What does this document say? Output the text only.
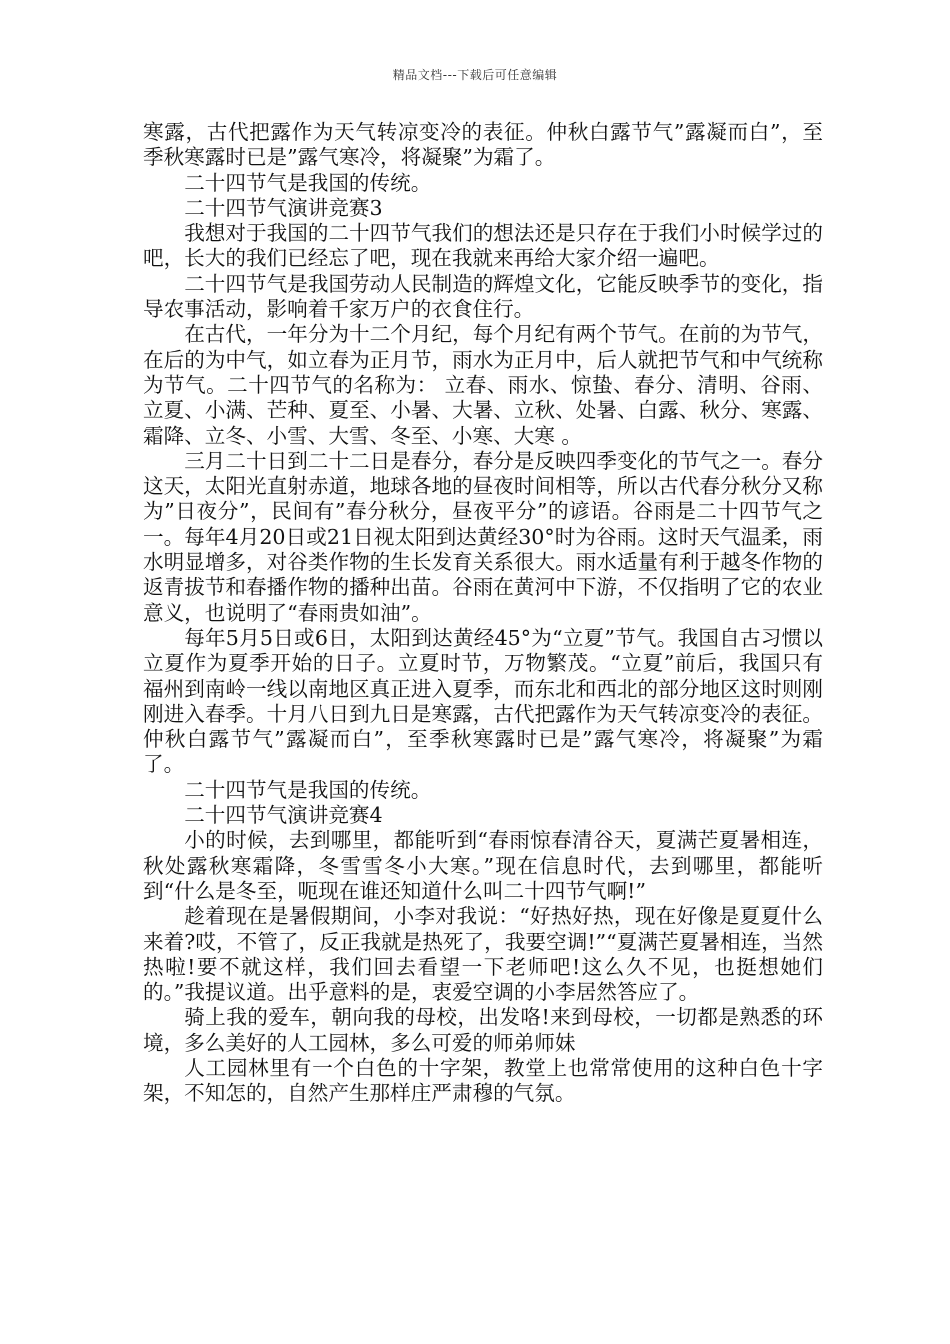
精品文档---下载后可任意编辑

寒露，古代把露作为天气转凉变冷的表征。仲秋白露节气”露凝而白”，至季秋寒露时已是”露气寒冷，将凝聚”为霜了。

二十四节气是我国的传统。

二十四节气演讲竞赛3

我想对于我国的二十四节气我们的想法还是只存在于我们小时候学过的吧，长大的我们已经忘了吧，现在我就来再给大家介绍一遍吧。

二十四节气是我国劳动人民制造的辉煌文化，它能反映季节的变化，指导农事活动，影响着千家万户的衣食住行。

在古代，一年分为十二个月纪，每个月纪有两个节气。在前的为节气，在后的为中气，如立春为正月节，雨水为正月中，后人就把节气和中气统称为节气。二十四节气的名称为： 立春、雨水、惊蛰、春分、清明、谷雨、立夏、小满、芒种、夏至、小暑、大暑、立秋、处暑、白露、秋分、寒露、霜降、立冬、小雪、大雪、冬至、小寒、大寒 。

三月二十日到二十二日是春分，春分是反映四季变化的节气之一。春分这天，太阳光直射赤道，地球各地的昼夜时间相等，所以古代春分秋分又称为”日夜分”，民间有”春分秋分，昼夜平分”的谚语。谷雨是二十四节气之一。每年4月20日或21日视太阳到达黄经30°时为谷雨。这时天气温柔，雨水明显增多，对谷类作物的生长发育关系很大。雨水适量有利于越冬作物的返青拔节和春播作物的播种出苗。谷雨在黄河中下游，不仅指明了它的农业意义，也说明了“春雨贵如油”。

每年5月5日或6日，太阳到达黄经45°为“立夏”节气。我国自古习惯以立夏作为夏季开始的日子。立夏时节，万物繁茂。“立夏”前后，我国只有福州到南岭一线以南地区真正进入夏季，而东北和西北的部分地区这时则刚刚进入春季。十月八日到九日是寒露，古代把露作为天气转凉变冷的表征。仲秋白露节气”露凝而白”，至季秋寒露时已是”露气寒冷，将凝聚”为霜了。

二十四节气是我国的传统。

二十四节气演讲竞赛4

小的时候，去到哪里，都能听到“春雨惊春清谷天，夏满芒夏暑相连，秋处露秋寒霜降，冬雪雪冬小大寒。”现在信息时代，去到哪里，都能听到“什么是冬至，呃现在谁还知道什么叫二十四节气啊!”

趁着现在是暑假期间，小李对我说：“好热好热，现在好像是夏夏什么来着?哎，不管了，反正我就是热死了，我要空调!”“夏满芒夏暑相连，当然热啦!要不就这样，我们回去看望一下老师吧!这么久不见，也挺想她们的。”我提议道。出乎意料的是，衷爱空调的小李居然答应了。

骑上我的爱车，朝向我的母校，出发咯!来到母校，一切都是熟悉的环境，多么美好的人工园林，多么可爱的师弟师妹

人工园林里有一个白色的十字架，教堂上也常常使用的这种白色十字架，不知怎的，自然产生那样庄严肃穆的气氛。
